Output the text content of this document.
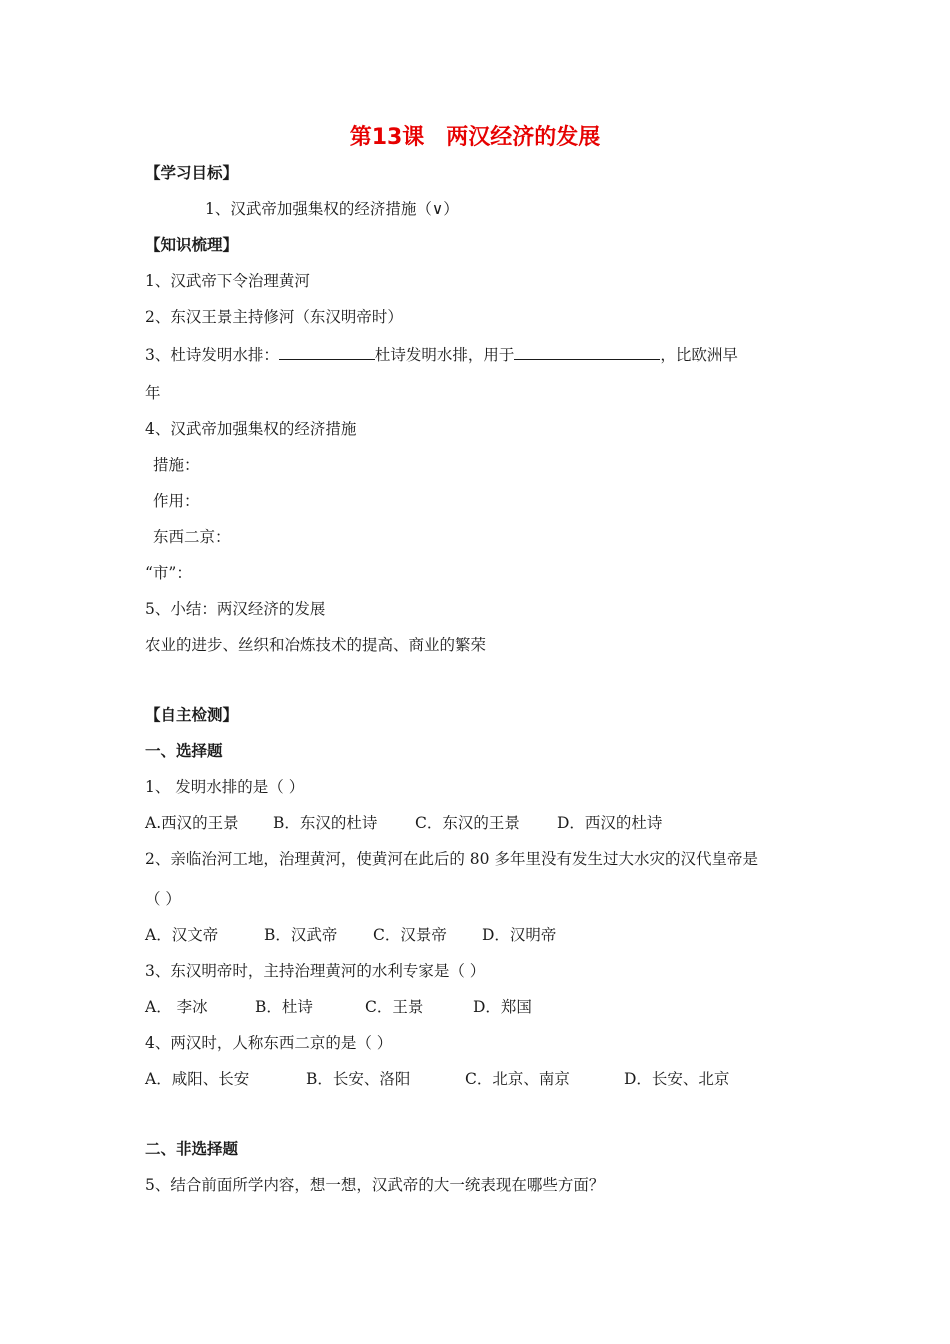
第13课　两汉经济的发展
【学习目标】
1、汉武帝加强集权的经济措施（∨）
【知识梳理】
1、汉武帝下令治理黄河
2、东汉王景主持修河（东汉明帝时）
3、杜诗发明水排：	杜诗发明水排，用于	，比欧洲早
年
4、汉武帝加强集权的经济措施
措施：
作用：
东西二京：
“市”：
5、小结：两汉经济的发展
农业的进步、丝织和冶炼技术的提高、商业的繁荣
【自主检测】
一、选择题
1、 发明水排的是（ ）
A.西汉的王景 B．东汉的杜诗 C．东汉的王景 D．西汉的杜诗
2、亲临治河工地，治理黄河，使黄河在此后的 80 多年里没有发生过大水灾的汉代皇帝是
（ ）
A．汉文帝	B．汉武帝 C．汉景帝 D．汉明帝
3、东汉明帝时，主持治理黄河的水利专家是（ ）
A． 李冰	B．杜诗	C．王景	D．郑国
4、两汉时，人称东西二京的是（ ）
A．咸阳、长安	B．长安、洛阳	C．北京、南京	D．长安、北京
二、非选择题
5、结合前面所学内容，想一想，汉武帝的大一统表现在哪些方面？
